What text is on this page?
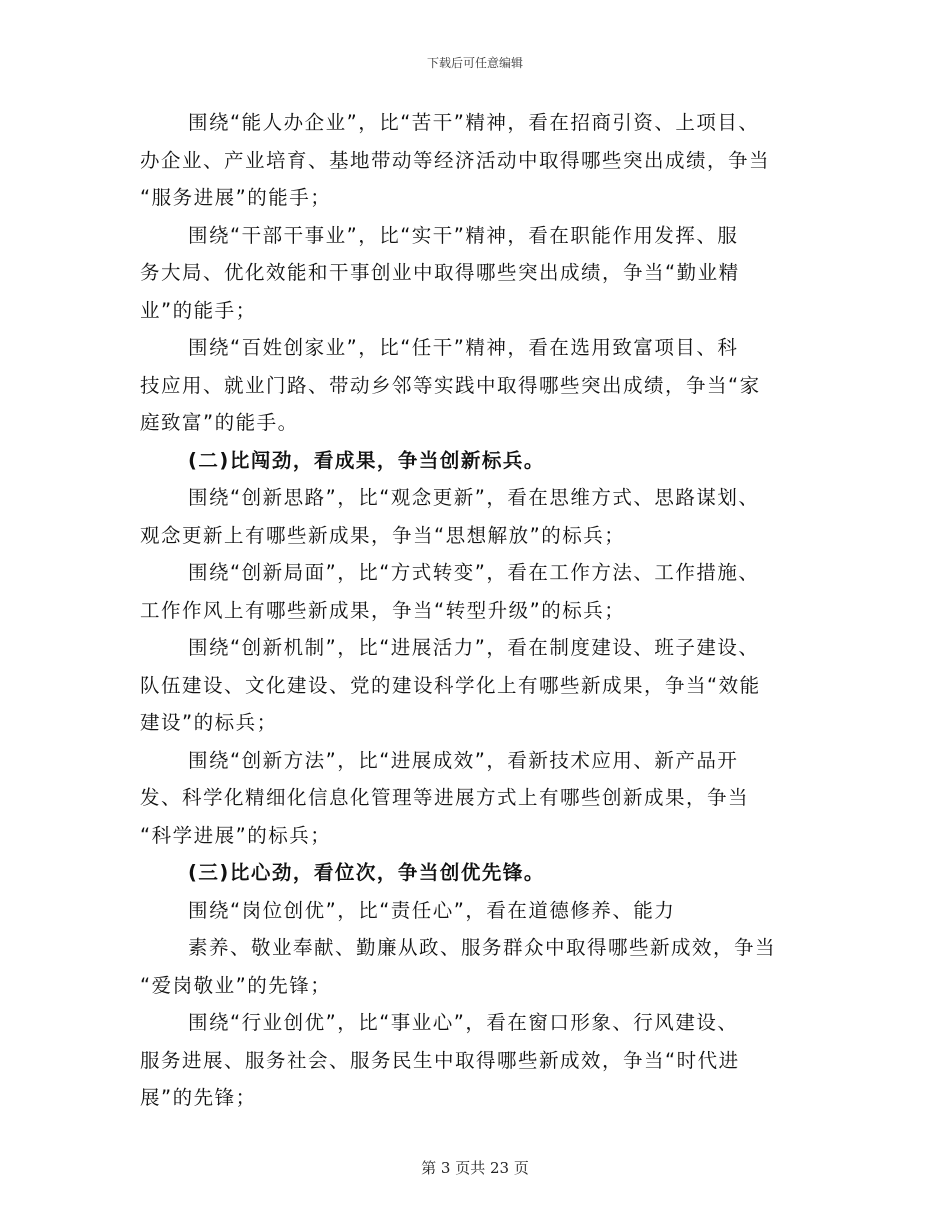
下载后可任意编辑
围绕“能人办企业”，比“苦干”精神，看在招商引资、上项目、
办企业、产业培育、基地带动等经济活动中取得哪些突出成绩，争当
“服务进展”的能手；
围绕“干部干事业”，比“实干”精神，看在职能作用发挥、服
务大局、优化效能和干事创业中取得哪些突出成绩，争当“勤业精
业”的能手；
围绕“百姓创家业”，比“任干”精神，看在选用致富项目、科
技应用、就业门路、带动乡邻等实践中取得哪些突出成绩，争当“家
庭致富”的能手。
(二)比闯劲，看成果，争当创新标兵。
围绕“创新思路”，比“观念更新”，看在思维方式、思路谋划、
观念更新上有哪些新成果，争当“思想解放”的标兵；
围绕“创新局面”，比“方式转变”，看在工作方法、工作措施、
工作作风上有哪些新成果，争当“转型升级”的标兵；
围绕“创新机制”，比“进展活力”，看在制度建设、班子建设、
队伍建设、文化建设、党的建设科学化上有哪些新成果，争当“效能
建设”的标兵；
围绕“创新方法”，比“进展成效”，看新技术应用、新产品开
发、科学化精细化信息化管理等进展方式上有哪些创新成果，争当
“科学进展”的标兵；
(三)比心劲，看位次，争当创优先锋。
围绕“岗位创优”，比“责任心”，看在道德修养、能力
素养、敬业奉献、勤廉从政、服务群众中取得哪些新成效，争当
“爱岗敬业”的先锋；
围绕“行业创优”，比“事业心”，看在窗口形象、行风建设、
服务进展、服务社会、服务民生中取得哪些新成效，争当“时代进
展”的先锋；
第 3 页共 23 页
